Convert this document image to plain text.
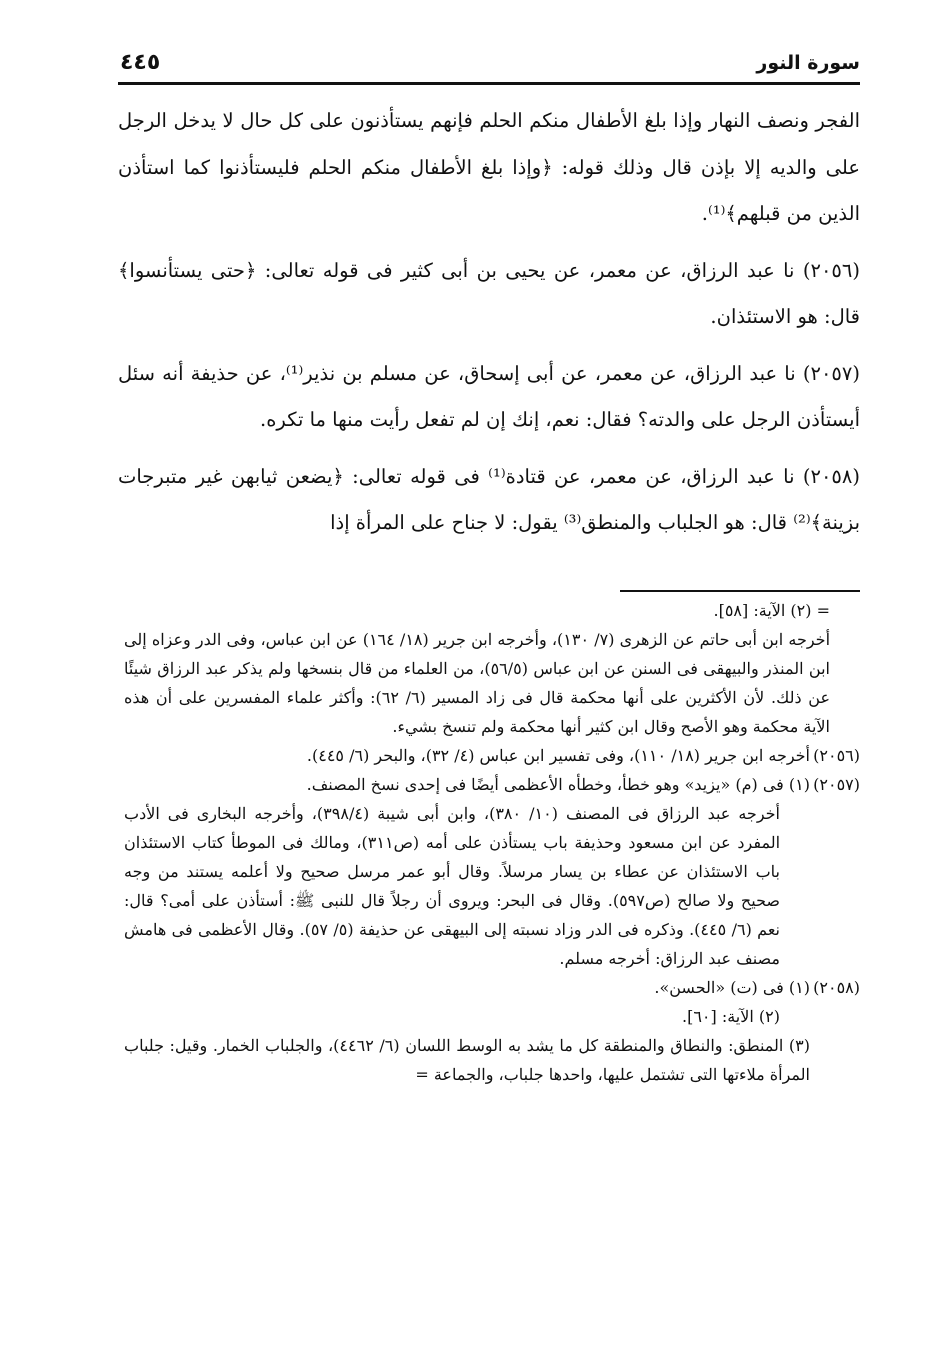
سورة النور
٤٤٥

الفجر ونصف النهار وإذا بلغ الأطفال منكم الحلم فإنهم يستأذنون على كل حال لا يدخل الرجل على والديه إلا بإذن قال وذلك قوله: ﴿وإذا بلغ الأطفال منكم الحلم فليستأذنوا كما استأذن الذين من قبلهم﴾⁽¹⁾.

(٢٠٥٦) نا عبد الرزاق، عن معمر، عن يحيى بن أبى كثير فى قوله تعالى: ﴿حتى يستأنسوا﴾ قال: هو الاستئذان.

(٢٠٥٧) نا عبد الرزاق، عن معمر، عن أبى إسحاق، عن مسلم بن نذير⁽¹⁾، عن حذيفة أنه سئل أيستأذن الرجل على والدته؟ فقال: نعم، إنك إن لم تفعل رأيت منها ما تكره.

(٢٠٥٨) نا عبد الرزاق، عن معمر، عن قتادة⁽¹⁾ فى قوله تعالى: ﴿يضعن ثيابهن غير متبرجات بزينة﴾⁽²⁾ قال: هو الجلباب والمنطق⁽³⁾ يقول: لا جناح على المرأة إذا

= (٢) الآية: [٥٨].
أخرجه ابن أبى حاتم عن الزهرى (٧/ ١٣٠)، وأخرجه ابن جرير (١٨/ ١٦٤) عن ابن عباس، وفى الدر وعزاه إلى ابن المنذر والبيهقى فى السنن عن ابن عباس (٥٦/٥)، من العلماء من قال بنسخها ولم يذكر عبد الرزاق شيئًا عن ذلك. لأن الأكثرين على أنها محكمة قال فى زاد المسير (٦/ ٦٢): وأكثر علماء المفسرين على أن هذه الآية محكمة وهو الأصح وقال ابن كثير أنها محكمة ولم تنسخ بشيء.
(٢٠٥٦)
أخرجه ابن جرير (١٨/ ١١٠)، وفى تفسير ابن عباس (٤/ ٣٢)، والبحر (٦/ ٤٤٥).
(٢٠٥٧)
(١) فى (م) «يزيد» وهو خطأ، وخطأه الأعظمى أيضًا فى إحدى نسخ المصنف.
أخرجه عبد الرزاق فى المصنف (١٠/ ٣٨٠)، وابن أبى شيبة (٣٩٨/٤)، وأخرجه البخارى فى الأدب المفرد عن ابن مسعود وحذيفة باب يستأذن على أمه (ص٣١١)، ومالك فى الموطأ كتاب الاستئذان باب الاستئذان عن عطاء بن يسار مرسلاً. وقال أبو عمر مرسل صحيح ولا أعلمه يستند من وجه صحيح ولا صالح (ص٥٩٧). وقال فى البحر: ويروى أن رجلاً قال للنبى ﷺ: أستأذن على أمى؟ قال: نعم (٦/ ٤٤٥). وذكره فى الدر وزاد نسبته إلى البيهقى عن حذيفة (٥/ ٥٧). وقال الأعظمى فى هامش مصنف عبد الرزاق: أخرجه مسلم.
(٢٠٥٨)
(١) فى (ت) «الحسن».
(٢) الآية: [٦٠].
(٣) المنطق: والنطاق والمنطقة كل ما يشد به الوسط اللسان (٦/ ٤٤٦٢)، والجلباب الخمار. وقيل: جلباب المرأة ملاءتها التى تشتمل عليها، واحدها جلباب، والجماعة =
